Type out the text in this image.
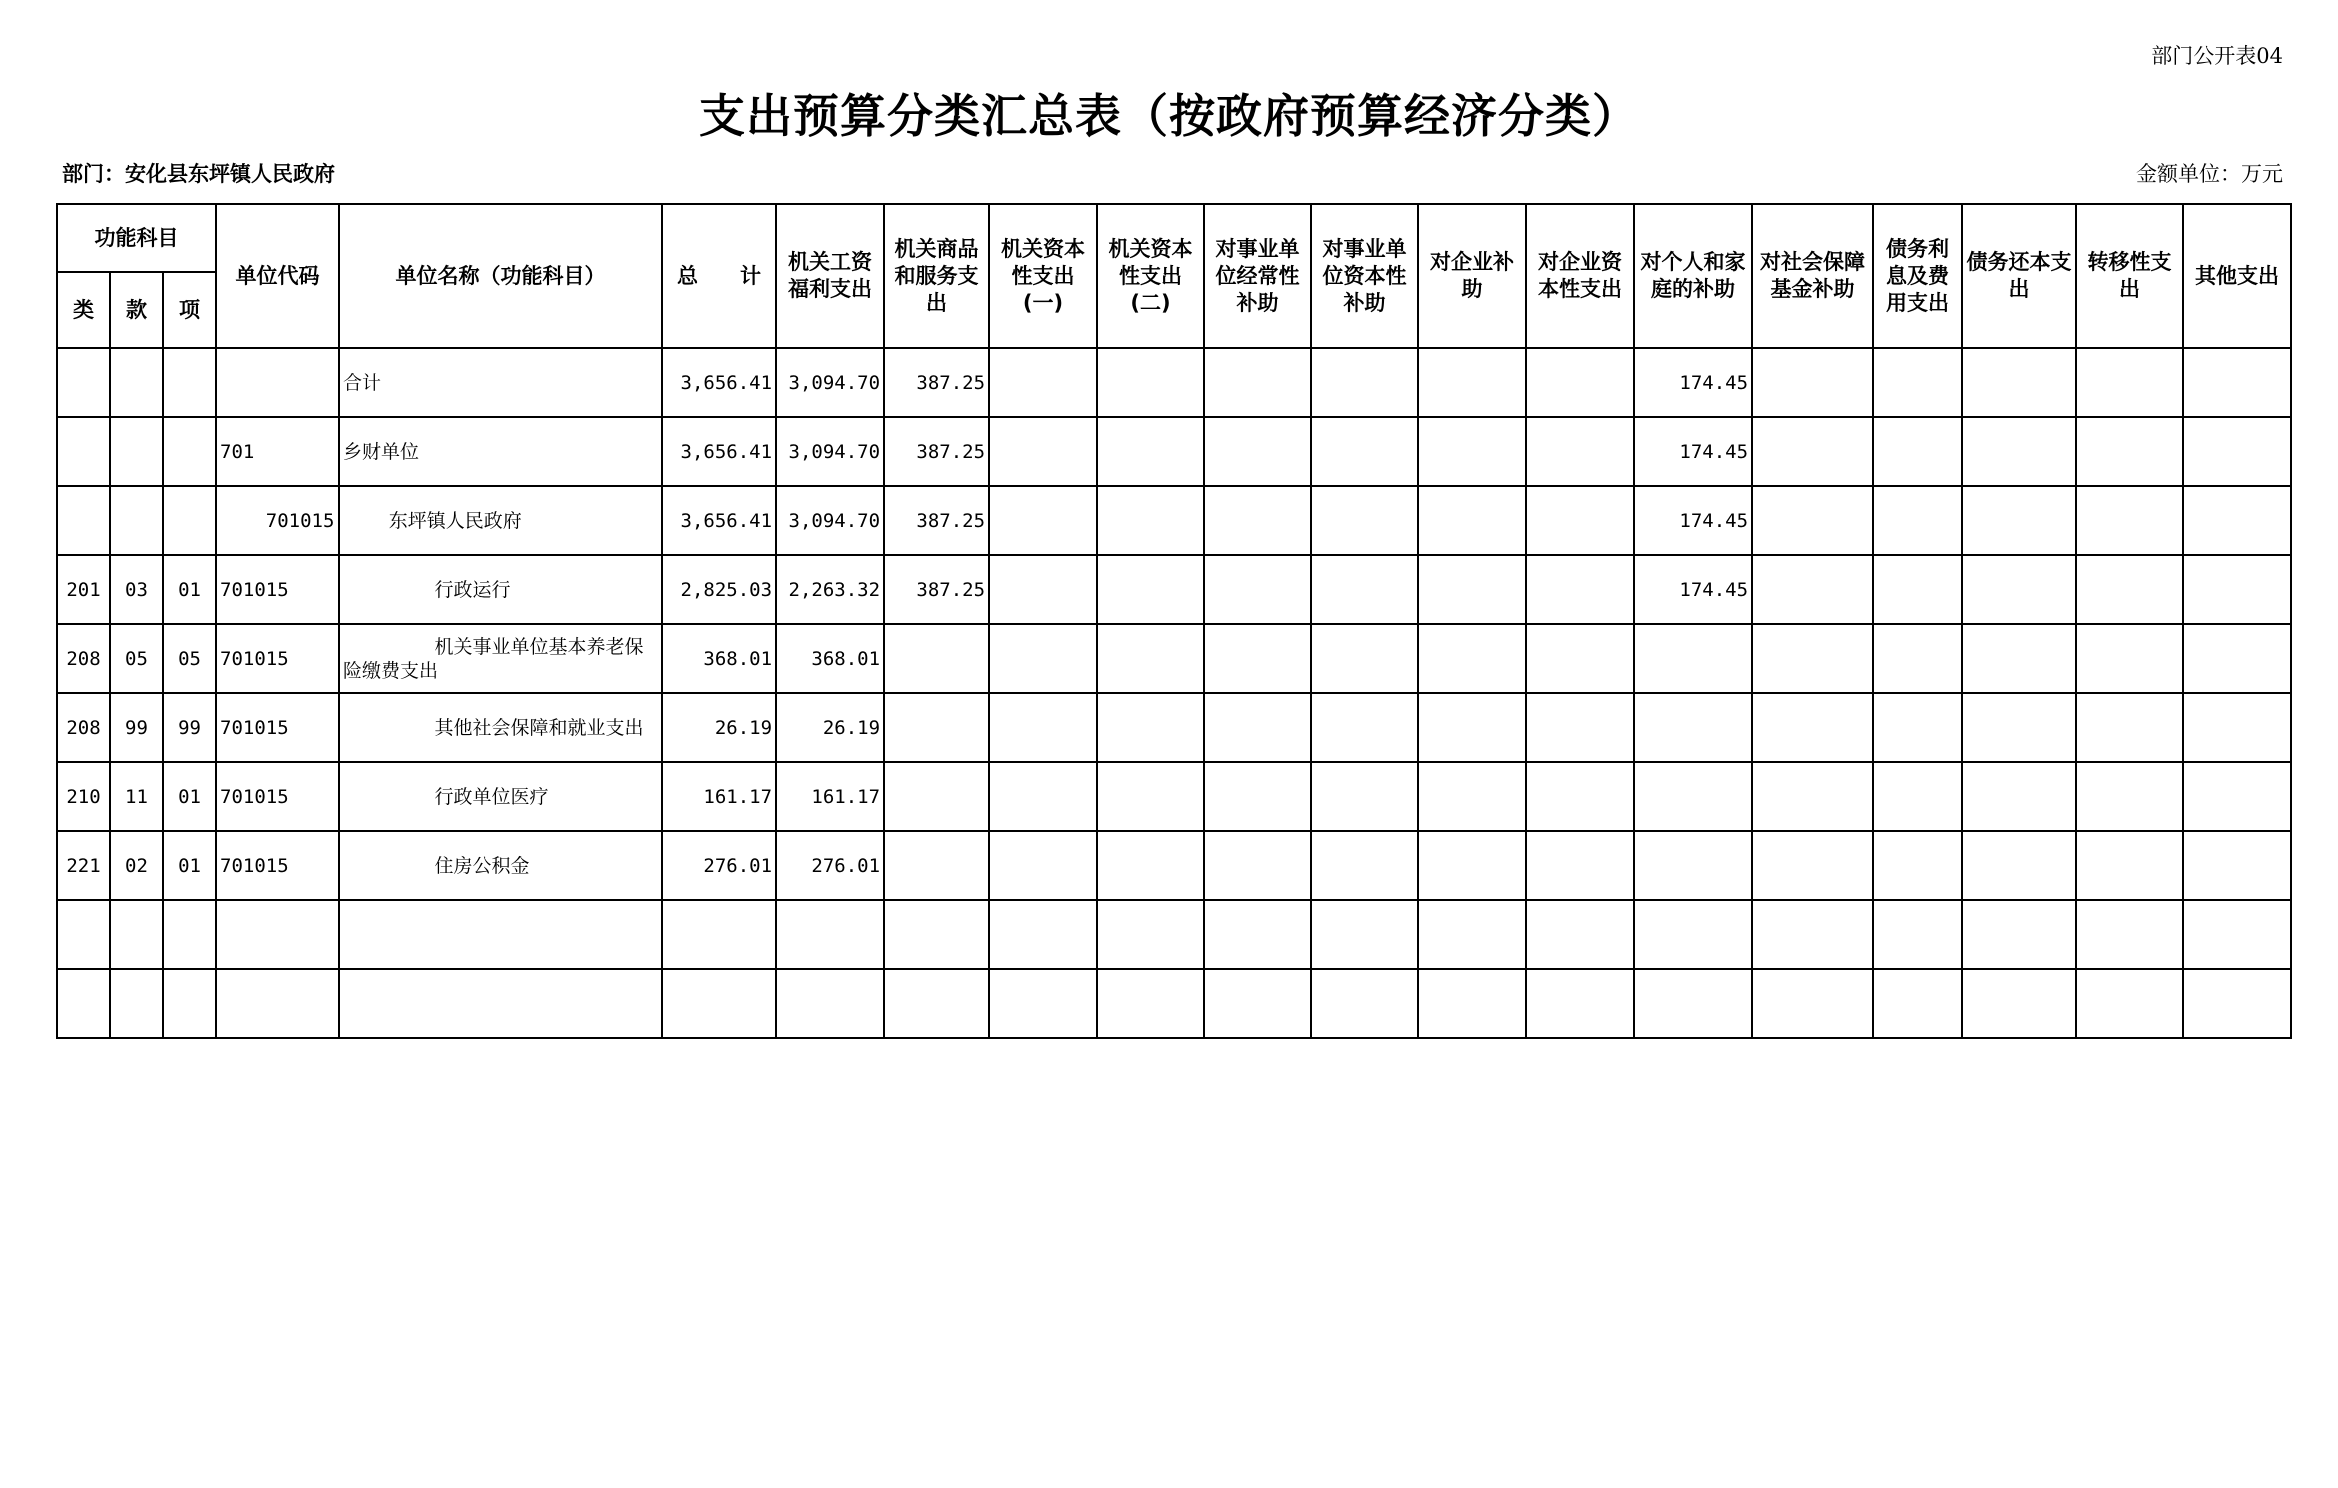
部门公开表04
支出预算分类汇总表（按政府预算经济分类）
部门：安化县东坪镇人民政府	金额单位：万元
功能科目			单位代码	单位名称（功能科目）	总　　计	机关工资福利支出	机关商品和服务支出	机关资本性支出(一)	机关资本性支出(二)	对事业单位经常性补助	对事业单位资本性补助	对企业补助	对企业资本性支出	对个人和家庭的补助	对社会保障基金补助	债务利息及费用支出	债务还本支出	转移性支出	其他支出
类	款	项																	
				合计	3,656.41	3,094.70	387.25							174.45					
			701	乡财单位	3,656.41	3,094.70	387.25							174.45					
			701015	东坪镇人民政府	3,656.41	3,094.70	387.25							174.45					
201	03	01	701015	行政运行	2,825.03	2,263.32	387.25							174.45					
208	05	05	701015	机关事业单位基本养老保险缴费支出	368.01	368.01													
208	99	99	701015	其他社会保障和就业支出	26.19	26.19													
210	11	01	701015	行政单位医疗	161.17	161.17													
221	02	01	701015	住房公积金	276.01	276.01													
